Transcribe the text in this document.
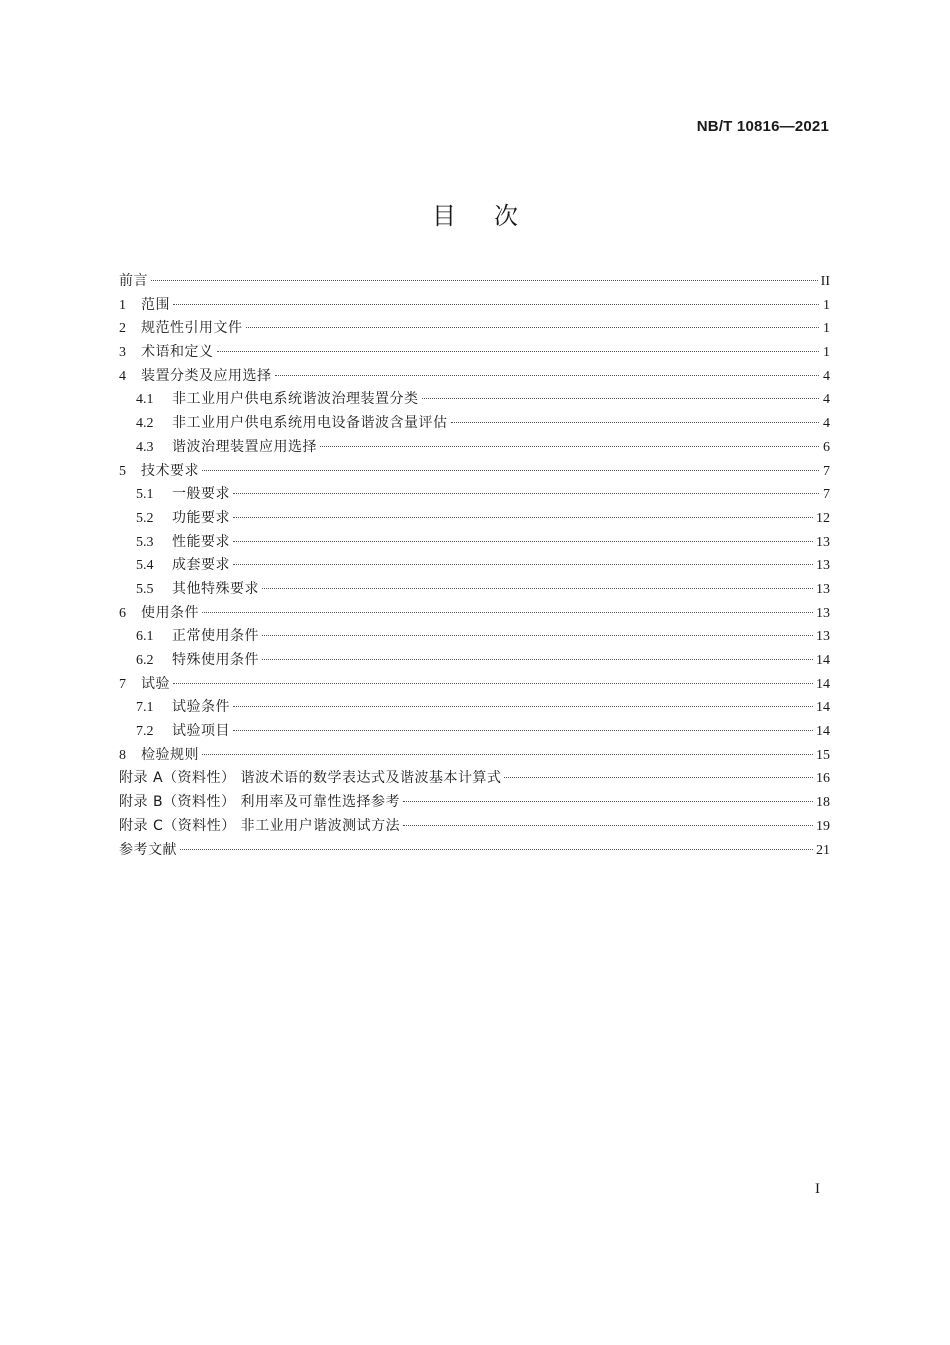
NB/T 10816—2021
目次
前言	II
1	范围	1
2	规范性引用文件	1
3	术语和定义	1
4	装置分类及应用选择	4
4.1	非工业用户供电系统谐波治理装置分类	4
4.2	非工业用户供电系统用电设备谐波含量评估	4
4.3	谐波治理装置应用选择	6
5	技术要求	7
5.1	一般要求	7
5.2	功能要求	12
5.3	性能要求	13
5.4	成套要求	13
5.5	其他特殊要求	13
6	使用条件	13
6.1	正常使用条件	13
6.2	特殊使用条件	14
7	试验	14
7.1	试验条件	14
7.2	试验项目	14
8	检验规则	15
附录 A（资料性） 谐波术语的数学表达式及谐波基本计算式	16
附录 B（资料性） 利用率及可靠性选择参考	18
附录 C（资料性） 非工业用户谐波测试方法	19
参考文献	21
I
